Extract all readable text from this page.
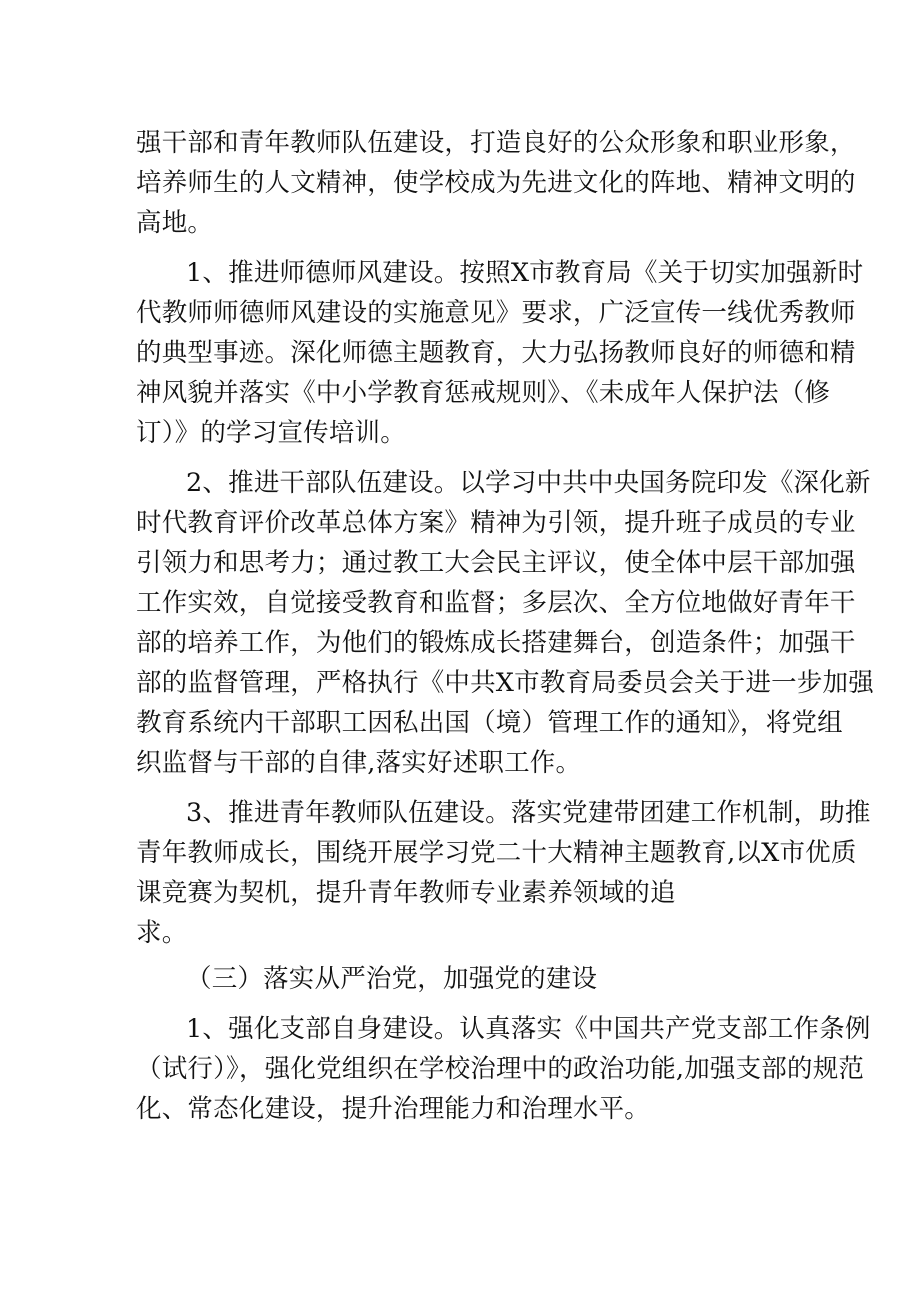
强干部和青年教师队伍建设，打造良好的公众形象和职业形象，
培养师生的人文精神，使学校成为先进文化的阵地、精神文明的
高地。
1、推进师德师风建设。按照X市教育局《关于切实加强新时
代教师师德师风建设的实施意见》要求，广泛宣传一线优秀教师
的典型事迹。深化师德主题教育，大力弘扬教师良好的师德和精
神风貌并落实《中小学教育惩戒规则》、《未成年人保护法（修
订）》的学习宣传培训。
2、推进干部队伍建设。以学习中共中央国务院印发《深化新
时代教育评价改革总体方案》精神为引领，提升班子成员的专业
引领力和思考力；通过教工大会民主评议，使全体中层干部加强
工作实效，自觉接受教育和监督；多层次、全方位地做好青年干
部的培养工作，为他们的锻炼成长搭建舞台，创造条件；加强干
部的监督管理，严格执行《中共X市教育局委员会关于进一步加强
教育系统内干部职工因私出国（境）管理工作的通知》，将党组
织监督与干部的自律,落实好述职工作。
3、推进青年教师队伍建设。落实党建带团建工作机制，助推
青年教师成长，围绕开展学习党二十大精神主题教育,以X市优质
课竞赛为契机，提升青年教师专业素养领域的追
求。
（三）落实从严治党，加强党的建设
1、强化支部自身建设。认真落实《中国共产党支部工作条例
（试行）》，强化党组织在学校治理中的政治功能,加强支部的规范
化、常态化建设，提升治理能力和治理水平。
